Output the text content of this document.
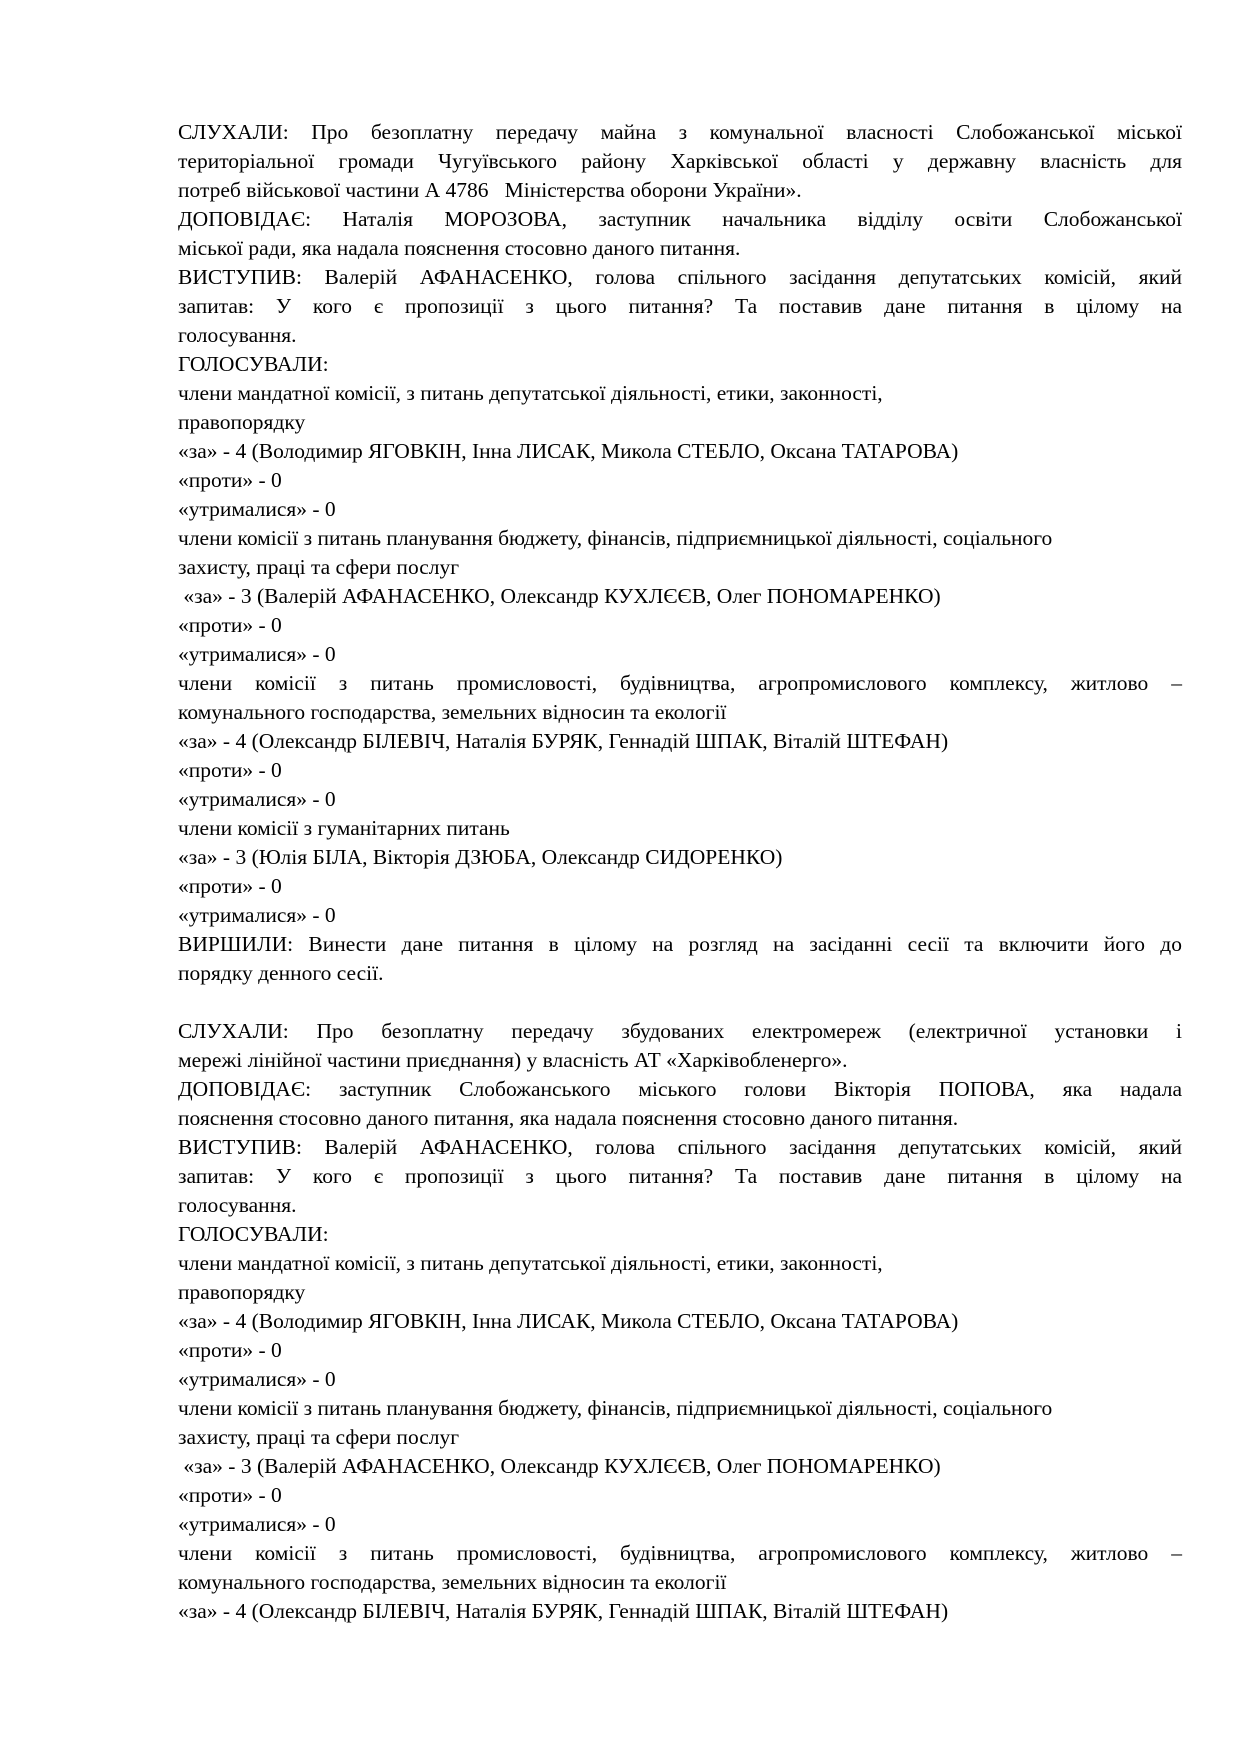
СЛУХАЛИ: Про безоплатну передачу майна з комунальної власності Слобожанської міської
територіальної громади Чугуївського району Харківської області у державну власність для
потреб військової частини А 4786   Міністерства оборони України».
ДОПОВІДАЄ: Наталія МОРОЗОВА, заступник начальника відділу освіти Слобожанської
міської ради, яка надала пояснення стосовно даного питання.
ВИСТУПИВ: Валерій АФАНАСЕНКО, голова спільного засідання депутатських комісій, який
запитав: У кого є пропозиції з цього питання? Та поставив дане питання в цілому на
голосування.
ГОЛОСУВАЛИ:
члени мандатної комісії, з питань депутатської діяльності, етики, законності,
правопорядку
«за» - 4 (Володимир ЯГОВКІН, Інна ЛИСАК, Микола СТЕБЛО, Оксана ТАТАРОВА)
«проти» - 0
«утрималися» - 0
члени комісії з питань планування бюджету, фінансів, підприємницької діяльності, соціального
захисту, праці та сфери послуг
«за» - 3 (Валерій АФАНАСЕНКО, Олександр КУХЛЄЄВ, Олег ПОНОМАРЕНКО)
«проти» - 0
«утрималися» - 0
члени комісії з питань промисловості, будівництва, агропромислового комплексу, житлово –
комунального господарства, земельних відносин та екології
«за» - 4 (Олександр БІЛЕВІЧ, Наталія БУРЯК, Геннадій ШПАК, Віталій ШТЕФАН)
«проти» - 0
«утрималися» - 0
члени комісії з гуманітарних питань
«за» - 3 (Юлія БІЛА, Вікторія ДЗЮБА, Олександр СИДОРЕНКО)
«проти» - 0
«утрималися» - 0
ВИРШИЛИ: Винести дане питання в цілому на розгляд на засіданні сесії та включити його до
порядку денного сесії.
СЛУХАЛИ: Про безоплатну передачу збудованих електромереж (електричної установки і
мережі лінійної частини приєднання) у власність АТ «Харківобленерго».
ДОПОВІДАЄ: заступник Слобожанського міського голови Вікторія ПОПОВА, яка надала
пояснення стосовно даного питання, яка надала пояснення стосовно даного питання.
ВИСТУПИВ: Валерій АФАНАСЕНКО, голова спільного засідання депутатських комісій, який
запитав: У кого є пропозиції з цього питання? Та поставив дане питання в цілому на
голосування.
ГОЛОСУВАЛИ:
члени мандатної комісії, з питань депутатської діяльності, етики, законності,
правопорядку
«за» - 4 (Володимир ЯГОВКІН, Інна ЛИСАК, Микола СТЕБЛО, Оксана ТАТАРОВА)
«проти» - 0
«утрималися» - 0
члени комісії з питань планування бюджету, фінансів, підприємницької діяльності, соціального
захисту, праці та сфери послуг
«за» - 3 (Валерій АФАНАСЕНКО, Олександр КУХЛЄЄВ, Олег ПОНОМАРЕНКО)
«проти» - 0
«утрималися» - 0
члени комісії з питань промисловості, будівництва, агропромислового комплексу, житлово –
комунального господарства, земельних відносин та екології
«за» - 4 (Олександр БІЛЕВІЧ, Наталія БУРЯК, Геннадій ШПАК, Віталій ШТЕФАН)
